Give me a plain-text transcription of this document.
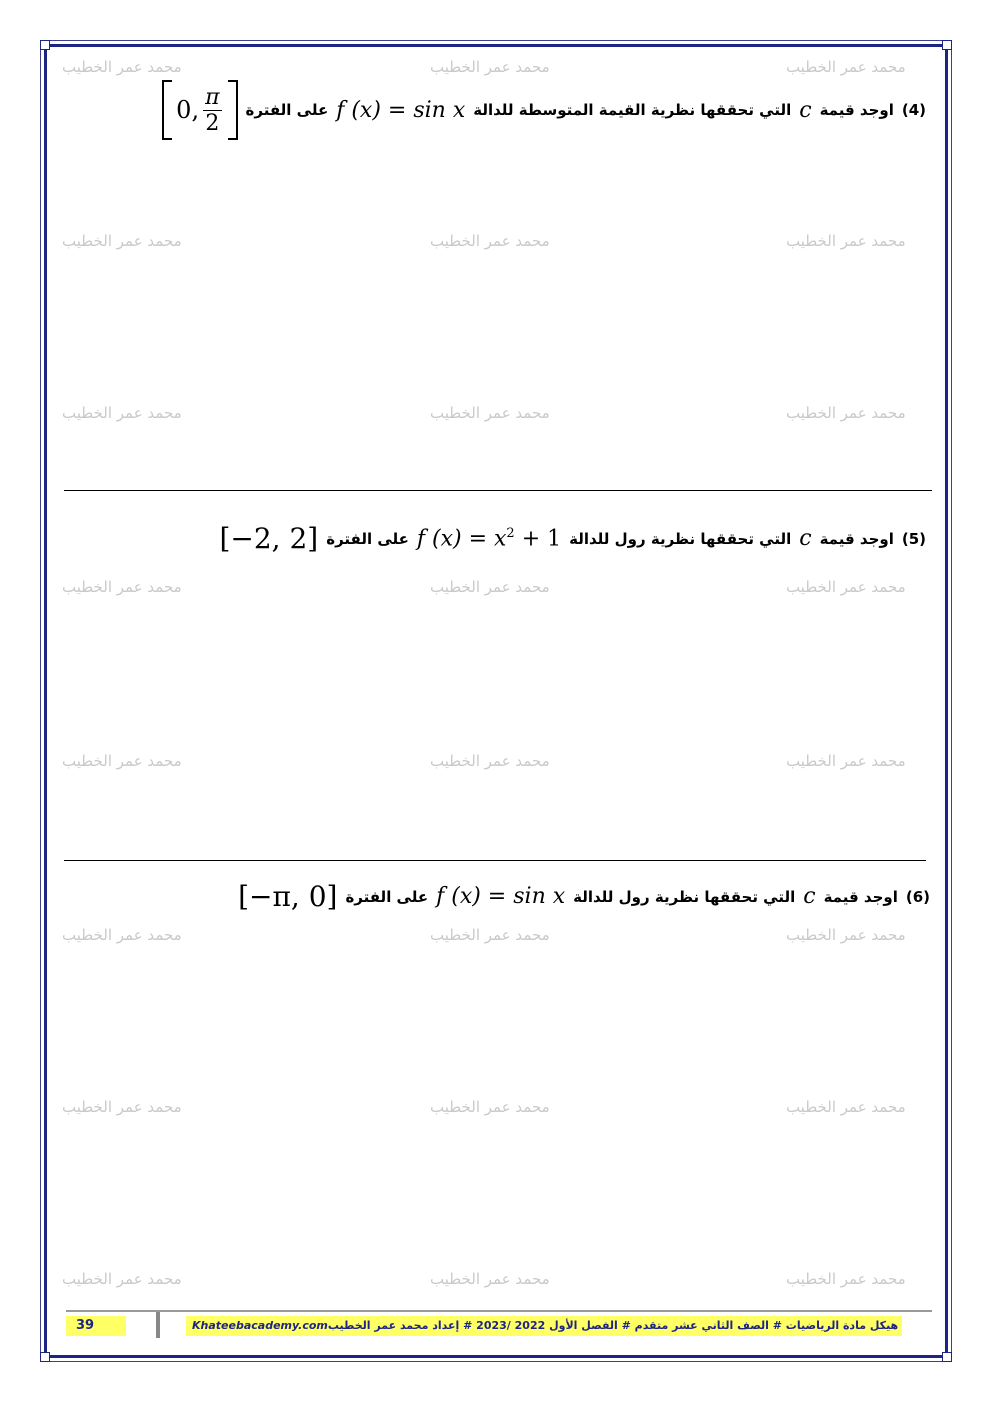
محمد عمر الخطيب	محمد عمر الخطيب	محمد عمر الخطيب
محمد عمر الخطيب	محمد عمر الخطيب	محمد عمر الخطيب
محمد عمر الخطيب	محمد عمر الخطيب	محمد عمر الخطيب
محمد عمر الخطيب	محمد عمر الخطيب	محمد عمر الخطيب
محمد عمر الخطيب	محمد عمر الخطيب	محمد عمر الخطيب
محمد عمر الخطيب	محمد عمر الخطيب	محمد عمر الخطيب
محمد عمر الخطيب	محمد عمر الخطيب	محمد عمر الخطيب
محمد عمر الخطيب	محمد عمر الخطيب	محمد عمر الخطيب
(4)
اوجد قيمة
c
التي تحققها نظرية القيمة المتوسطة للدالة
f (x) = sin x
على الفترة
0, $\frac{\pi}{2}$
(5)
اوجد قيمة
c
التي تحققها نظرية رول للدالة
f $(x) = x^2 + 1$
على الفترة
[−2, 2]
(6)
اوجد قيمة
c
التي تحققها نظرية رول للدالة
f (x) = sin x
على الفترة
[−π, 0]
39	Khateebacademy.com هيكل مادة الرياضيات # الصف الثاني عشر متقدم # الفصل الأول 2022 /2023 # إعداد محمد عمر الخطيب
